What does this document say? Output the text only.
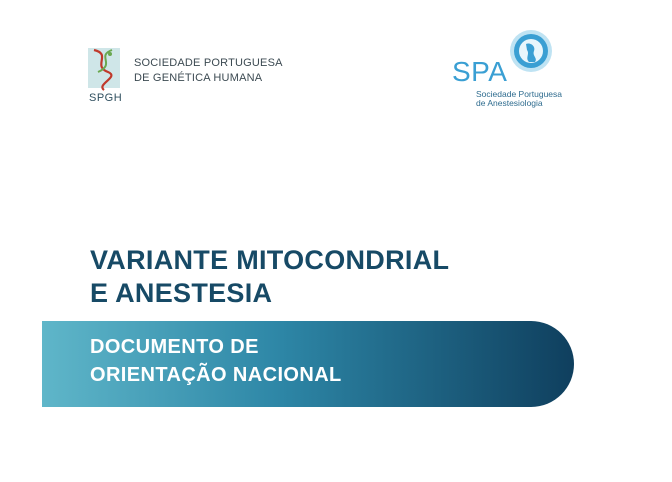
SPGH
SOCIEDADE PORTUGUESA
DE GENÉTICA HUMANA	SPA
Sociedade Portuguesa
de Anestesiologia
VARIANTE MITOCONDRIAL
E ANESTESIA
DOCUMENTO DE
ORIENTAÇÃO NACIONAL
